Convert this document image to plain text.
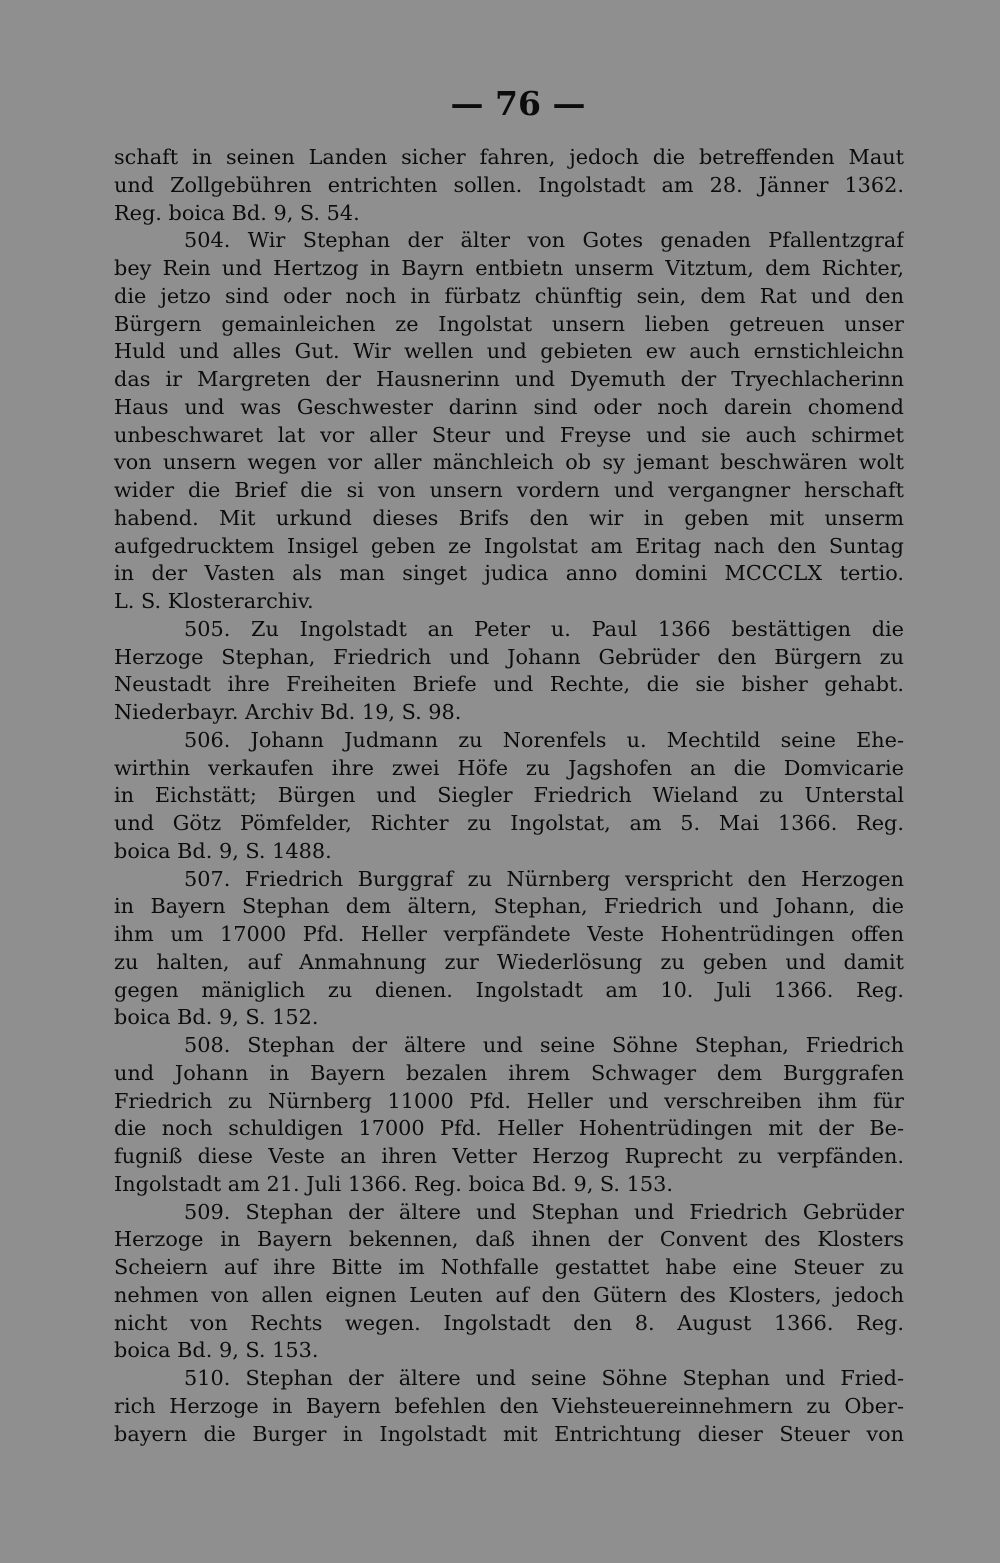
— 76 —

schaft in seinen Landen sicher fahren, jedoch die betreffenden Maut
und Zollgebühren entrichten sollen. Ingolstadt am 28. Jänner 1362.
Reg. boica Bd. 9, S. 54.

504. Wir Stephan der älter von Gotes genaden Pfallentzgraf
bey Rein und Hertzog in Bayrn entbietn unserm Vitztum, dem Richter,
die jetzo sind oder noch in fürbatz chünftig sein, dem Rat und den
Bürgern gemainleichen ze Ingolstat unsern lieben getreuen unser
Huld und alles Gut. Wir wellen und gebieten ew auch ernstichleichn
das ir Margreten der Hausnerinn und Dyemuth der Tryechlacherinn
Haus und was Geschwester darinn sind oder noch darein chomend
unbeschwaret lat vor aller Steur und Freyse und sie auch schirmet
von unsern wegen vor aller mänchleich ob sy jemant beschwären wolt
wider die Brief die si von unsern vordern und vergangner herschaft
habend. Mit urkund dieses Brifs den wir in geben mit unserm
aufgedrucktem Insigel geben ze Ingolstat am Eritag nach den Suntag
in der Vasten als man singet judica anno domini MCCCLX tertio.
L. S. Klosterarchiv.

505. Zu Ingolstadt an Peter u. Paul 1366 bestättigen die
Herzoge Stephan, Friedrich und Johann Gebrüder den Bürgern zu
Neustadt ihre Freiheiten Briefe und Rechte, die sie bisher gehabt.
Niederbayr. Archiv Bd. 19, S. 98.

506. Johann Judmann zu Norenfels u. Mechtild seine Ehe-
wirthin verkaufen ihre zwei Höfe zu Jagshofen an die Domvicarie
in Eichstätt; Bürgen und Siegler Friedrich Wieland zu Unterstal
und Götz Pömfelder, Richter zu Ingolstat, am 5. Mai 1366. Reg.
boica Bd. 9, S. 1488.

507. Friedrich Burggraf zu Nürnberg verspricht den Herzogen
in Bayern Stephan dem ältern, Stephan, Friedrich und Johann, die
ihm um 17000 Pfd. Heller verpfändete Veste Hohentrüdingen offen
zu halten, auf Anmahnung zur Wiederlösung zu geben und damit
gegen mäniglich zu dienen. Ingolstadt am 10. Juli 1366. Reg.
boica Bd. 9, S. 152.

508. Stephan der ältere und seine Söhne Stephan, Friedrich
und Johann in Bayern bezalen ihrem Schwager dem Burggrafen
Friedrich zu Nürnberg 11000 Pfd. Heller und verschreiben ihm für
die noch schuldigen 17000 Pfd. Heller Hohentrüdingen mit der Be-
fugniß diese Veste an ihren Vetter Herzog Ruprecht zu verpfänden.
Ingolstadt am 21. Juli 1366. Reg. boica Bd. 9, S. 153.

509. Stephan der ältere und Stephan und Friedrich Gebrüder
Herzoge in Bayern bekennen, daß ihnen der Convent des Klosters
Scheiern auf ihre Bitte im Nothfalle gestattet habe eine Steuer zu
nehmen von allen eignen Leuten auf den Gütern des Klosters, jedoch
nicht von Rechts wegen. Ingolstadt den 8. August 1366. Reg.
boica Bd. 9, S. 153.

510. Stephan der ältere und seine Söhne Stephan und Fried-
rich Herzoge in Bayern befehlen den Viehsteuereinnehmern zu Ober-
bayern die Burger in Ingolstadt mit Entrichtung dieser Steuer von
